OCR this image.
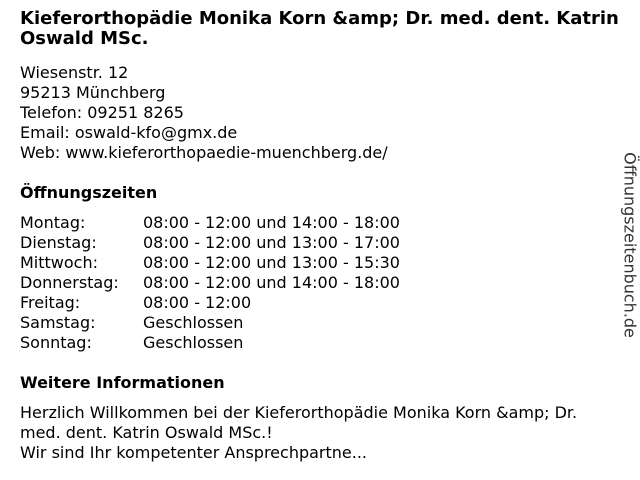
Kieferorthopädie Monika Korn &amp; Dr. med. dent. Katrin Oswald MSc.
Wiesenstr. 12
95213 Münchberg
Telefon: 09251 8265
Email: oswald-kfo@gmx.de
Web: www.kieferorthopaedie-muenchberg.de/
Öffnungszeiten
Montag:	08:00 - 12:00 und 14:00 - 18:00
Dienstag:	08:00 - 12:00 und 13:00 - 17:00
Mittwoch:	08:00 - 12:00 und 13:00 - 15:30
Donnerstag: 08:00 - 12:00 und 14:00 - 18:00
Freitag:	08:00 - 12:00
Samstag:	Geschlossen
Sonntag:	Geschlossen
Weitere Informationen
Herzlich Willkommen bei der Kieferorthopädie Monika Korn &amp; Dr. med. dent. Katrin Oswald MSc.!
Wir sind Ihr kompetenter Ansprechpartne...
Öffnungszeitenbuch.de
